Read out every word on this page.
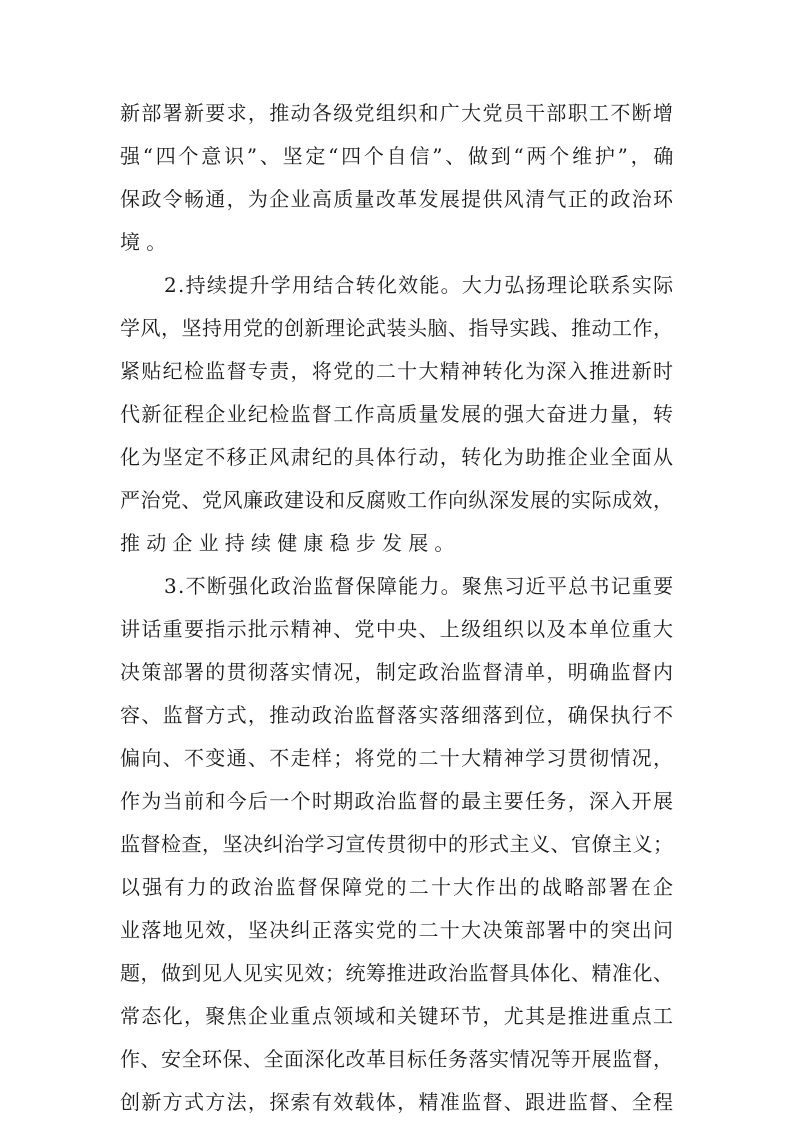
新部署新要求，推动各级党组织和广大党员干部职工不断增
强“四个意识”、坚定“四个自信”、做到“两个维护”，确
保政令畅通，为企业高质量改革发展提供风清气正的政治环
境。

2.持续提升学用结合转化效能。大力弘扬理论联系实际
学风，坚持用党的创新理论武装头脑、指导实践、推动工作，
紧贴纪检监督专责，将党的二十大精神转化为深入推进新时
代新征程企业纪检监督工作高质量发展的强大奋进力量，转
化为坚定不移正风肃纪的具体行动，转化为助推企业全面从
严治党、党风廉政建设和反腐败工作向纵深发展的实际成效，
推动企业持续健康稳步发展。

3.不断强化政治监督保障能力。聚焦习近平总书记重要
讲话重要指示批示精神、党中央、上级组织以及本单位重大
决策部署的贯彻落实情况，制定政治监督清单，明确监督内
容、监督方式，推动政治监督落实落细落到位，确保执行不
偏向、不变通、不走样；将党的二十大精神学习贯彻情况，
作为当前和今后一个时期政治监督的最主要任务，深入开展
监督检查，坚决纠治学习宣传贯彻中的形式主义、官僚主义；
以强有力的政治监督保障党的二十大作出的战略部署在企
业落地见效，坚决纠正落实党的二十大决策部署中的突出问
题，做到见人见实见效；统筹推进政治监督具体化、精准化、
常态化，聚焦企业重点领域和关键环节，尤其是推进重点工
作、安全环保、全面深化改革目标任务落实情况等开展监督，
创新方式方法，探索有效载体，精准监督、跟进监督、全程
